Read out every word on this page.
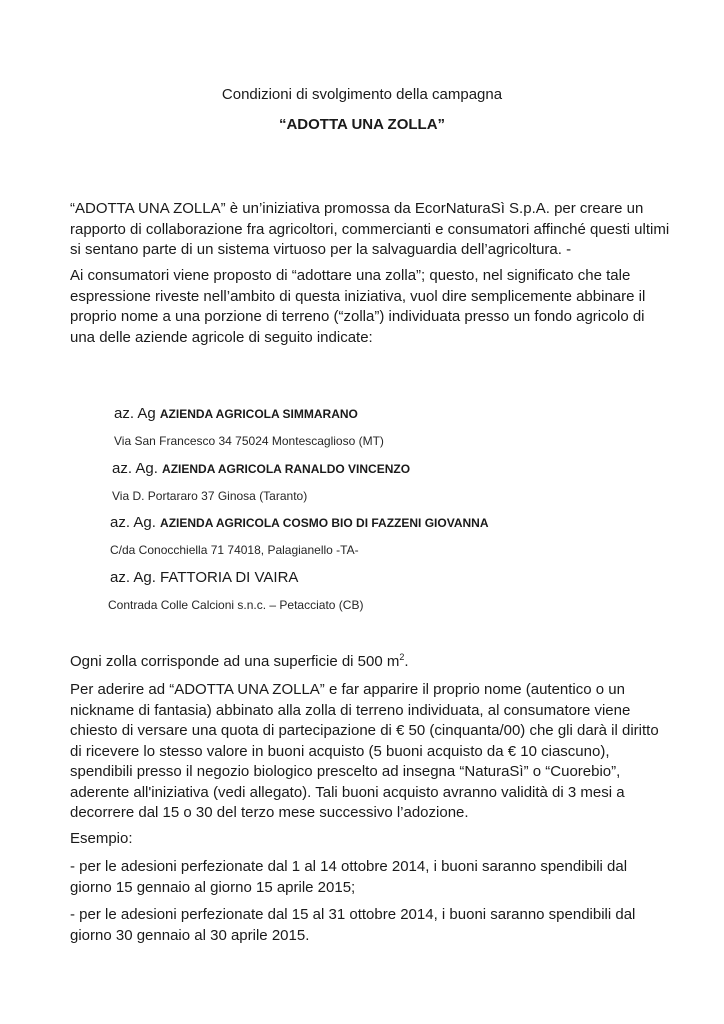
Condizioni di svolgimento della campagna

“ADOTTA UNA ZOLLA”

“ADOTTA UNA ZOLLA” è un’iniziativa promossa da EcorNaturaSì S.p.A. per creare un
rapporto di collaborazione fra agricoltori, commercianti e consumatori affinché questi ultimi
si sentano parte di un sistema virtuoso per la salvaguardia dell’agricoltura. -

Ai consumatori viene proposto di “adottare una zolla”; questo, nel significato che tale
espressione riveste nell’ambito di questa iniziativa, vuol dire semplicemente abbinare il
proprio nome a una porzione di terreno (“zolla”) individuata presso un fondo agricolo di
una delle aziende agricole di seguito indicate:

az. Ag AZIENDA AGRICOLA SIMMARANO
Via San Francesco 34 75024 Montescaglioso (MT)
az. Ag. AZIENDA AGRICOLA RANALDO VINCENZO
Via D. Portararo 37 Ginosa (Taranto)
az. Ag. AZIENDA AGRICOLA COSMO BIO DI FAZZENI GIOVANNA
C/da Conocchiella 71 74018, Palagianello -TA-
az. Ag. FATTORIA DI VAIRA
Contrada Colle Calcioni s.n.c. – Petacciato (CB)

Ogni zolla corrisponde ad una superficie di 500 $m^2$.

Per aderire ad “ADOTTA UNA ZOLLA” e far apparire il proprio nome (autentico o un
nickname di fantasia) abbinato alla zolla di terreno individuata, al consumatore viene
chiesto di versare una quota di partecipazione di € 50 (cinquanta/00) che gli darà il diritto
di ricevere lo stesso valore in buoni acquisto (5 buoni acquisto da € 10 ciascuno),
spendibili presso il negozio biologico prescelto ad insegna “NaturaSì” o “Cuorebio”,
aderente all'iniziativa (vedi allegato). Tali buoni acquisto avranno validità di 3 mesi a
decorrere dal 15 o 30 del terzo mese successivo l’adozione.

Esempio:

- per le adesioni perfezionate dal 1 al 14 ottobre 2014, i buoni saranno spendibili dal
giorno 15 gennaio al giorno 15 aprile 2015;

- per le adesioni perfezionate dal 15 al 31 ottobre 2014, i buoni saranno spendibili dal
giorno 30 gennaio al 30 aprile 2015.
